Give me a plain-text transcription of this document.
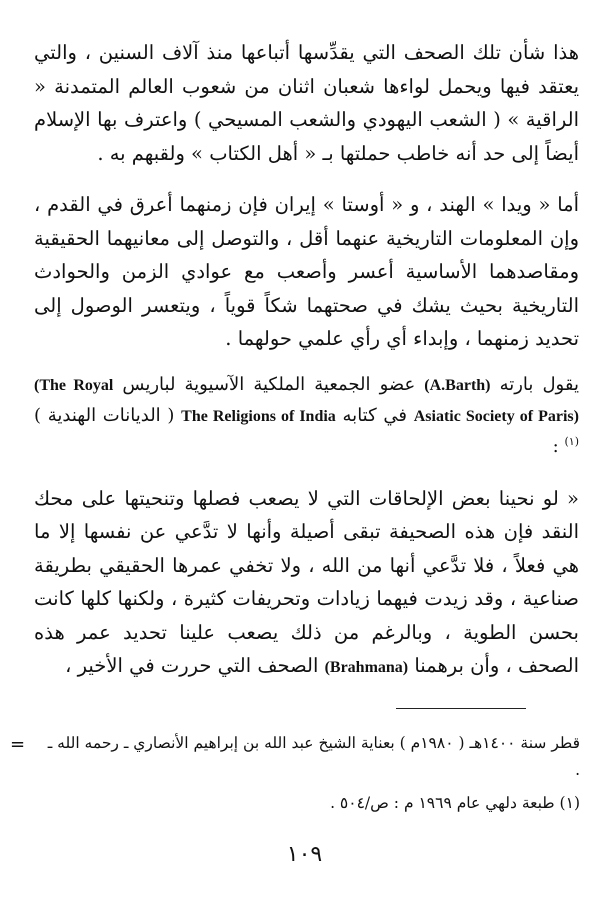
هذا شأن تلك الصحف التي يقدِّسها أتباعها منذ آلاف السنين ، والتي يعتقد فيها ويحمل لواءها شعبان اثنان من شعوب العالم المتمدنة « الراقية » ( الشعب اليهودي والشعب المسيحي ) واعترف بها الإسلام أيضاً إلى حد أنه خاطب حملتها بـ « أهل الكتاب » ولقبهم به .

أما « ويدا » الهند ، و « أوستا » إيران فإن زمنهما أعرق في القدم ، وإن المعلومات التاريخية عنهما أقل ، والتوصل إلى معانيهما الحقيقية ومقاصدهما الأساسية أعسر وأصعب مع عوادي الزمن والحوادث التاريخية بحيث يشك في صحتهما شكاً قوياً ، ويتعسر الوصول إلى تحديد زمنهما ، وإبداء أي رأي علمي حولهما .

يقول بارته (A.Barth) عضو الجمعية الملكية الآسيوية لباريس (The Royal Asiatic Society of Paris) في كتابه The Religions of India ( الديانات الهندية )$^{(١)}$ :

« لو نحينا بعض الإلحاقات التي لا يصعب فصلها وتنحيتها على محك النقد فإن هذه الصحيفة تبقى أصيلة وأنها لا تدَّعي عن نفسها إلا ما هي فعلاً ، فلا تدَّعي أنها من الله ، ولا تخفي عمرها الحقيقي بطريقة صناعية ، وقد زيدت فيهما زيادات وتحريفات كثيرة ، ولكنها كلها كانت بحسن الطوية ، وبالرغم من ذلك يصعب علينا تحديد عمر هذه الصحف ، وأن برهمنا (Brahmana) الصحف التي حررت في الأخير ،

=	قطر سنة ١٤٠٠هـ ( ١٩٨٠م ) بعناية الشيخ عبد الله بن إبراهيم الأنصاري ـ رحمه الله ـ .

(١) طبعة دلهي عام ١٩٦٩ م : ص/٥٠٤ .

١٠٩
